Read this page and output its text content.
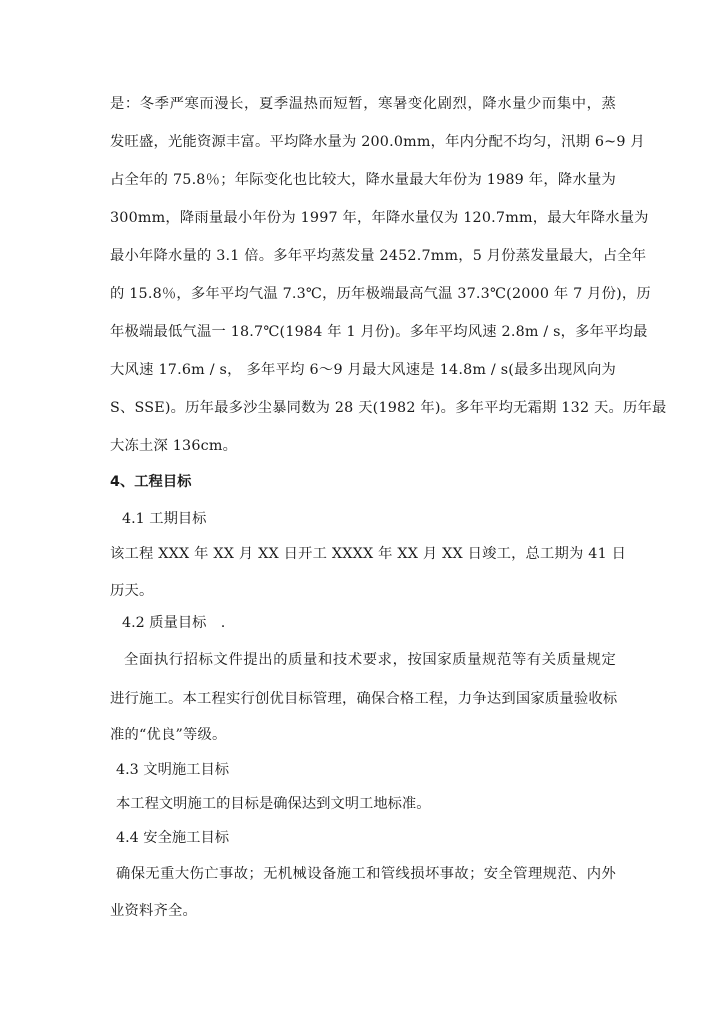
是：冬季严寒而漫长，夏季温热而短暂，寒暑变化剧烈，降水量少而集中，蒸
发旺盛，光能资源丰富。平均降水量为 200.0mm，年内分配不均匀，汛期 6~9 月
占全年的 75.8％；年际变化也比较大，降水量最大年份为 1989 年，降水量为
300mm，降雨量最小年份为 1997 年，年降水量仅为 120.7mm，最大年降水量为
最小年降水量的 3.1 倍。多年平均蒸发量 2452.7mm，5 月份蒸发量最大，占全年
的 15.8％，多年平均气温 7.3℃，历年极端最高气温 37.3℃(2000 年 7 月份)，历
年极端最低气温一 18.7℃(1984 年 1 月份)。多年平均风速 2.8m / s，多年平均最
大风速 17.6m / s， 多年平均 6～9 月最大风速是 14.8m / s(最多出现风向为
S、SSE)。历年最多沙尘暴同数为 28 天(1982 年)。多年平均无霜期 132 天。历年最
大冻土深 136cm。
4、工程目标
4.1 工期目标
该工程 XXX 年 XX 月 XX 日开工 XXXX 年 XX 月 XX 日竣工，总工期为 41 日
历天。
4.2 质量目标　.
全面执行招标文件提出的质量和技术要求，按国家质量规范等有关质量规定
进行施工。本工程实行创优目标管理，确保合格工程，力争达到国家质量验收标
准的“优良”等级。
4.3 文明施工目标
本工程文明施工的目标是确保达到文明工地标准。
4.4 安全施工目标
确保无重大伤亡事故；无机械设备施工和管线损坏事故；安全管理规范、内外
业资料齐全。
